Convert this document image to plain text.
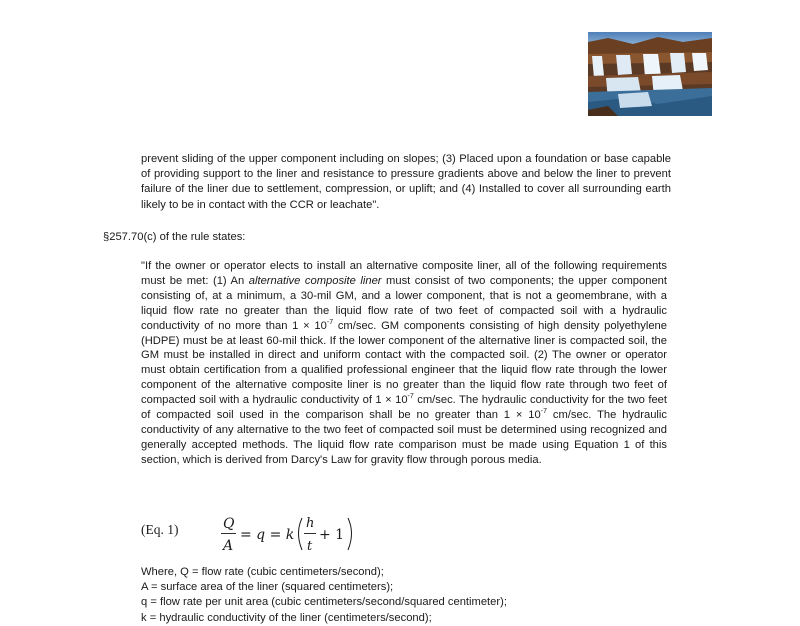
prevent sliding of the upper component including on slopes; (3) Placed upon a foundation or base capable of providing support to the liner and resistance to pressure gradients above and below the liner to prevent failure of the liner due to settlement, compression, or uplift; and (4) Installed to cover all surrounding earth likely to be in contact with the CCR or leachate".
§257.70(c) of the rule states:
"If the owner or operator elects to install an alternative composite liner, all of the following requirements must be met: (1) An alternative composite liner must consist of two components; the upper component consisting of, at a minimum, a 30-mil GM, and a lower component, that is not a geomembrane, with a liquid flow rate no greater than the liquid flow rate of two feet of compacted soil with a hydraulic conductivity of no more than $1 \times 10^{-7}$ cm/sec. GM components consisting of high density polyethylene (HDPE) must be at least 60-mil thick. If the lower component of the alternative liner is compacted soil, the GM must be installed in direct and uniform contact with the compacted soil. (2) The owner or operator must obtain certification from a qualified professional engineer that the liquid flow rate through the lower component of the alternative composite liner is no greater than the liquid flow rate through two feet of compacted soil with a hydraulic conductivity of $1 \times 10^{-7}$ cm/sec. The hydraulic conductivity for the two feet of compacted soil used in the comparison shall be no greater than $1 \times 10^{-7}$ cm/sec. The hydraulic conductivity of any alternative to the two feet of compacted soil must be determined using recognized and generally accepted methods. The liquid flow rate comparison must be made using Equation 1 of this section, which is derived from Darcy's Law for gravity flow through porous media.
(Eq. 1)	Q
A
= q = k
h
t
+ 1
Where, Q = flow rate (cubic centimeters/second);
A = surface area of the liner (squared centimeters);
q = flow rate per unit area (cubic centimeters/second/squared centimeter);
k = hydraulic conductivity of the liner (centimeters/second);
